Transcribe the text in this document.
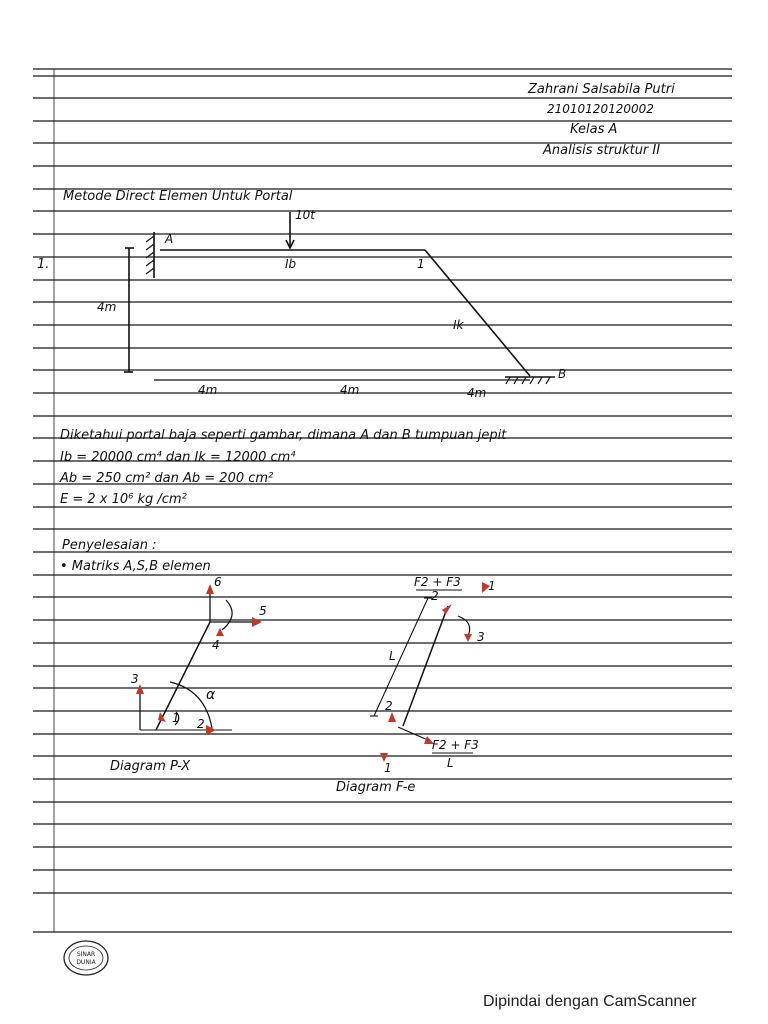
Zahrani Salsabila Putri
21010120120002
Kelas A
Analisis struktur II
Metode Direct Elemen Untuk Portal
1.
10t
A
1
Ib
Ik
B
4m
4m	4m	4m
Diketahui portal baja seperti gambar, dimana A dan B tumpuan jepit
Ib = 20000 cm⁴ dan Ik = 12000 cm⁴
Ab = 250 cm² dan Ab = 200 cm²
E = 2 x 10⁶ kg /cm²
Penyelesaian :
• Matriks A,S,B elemen
6
5
4
3
1 2
α
Diagram P-X
F2 + F3 1
2
3
L
2
1
F2 + F3
L
Diagram F-e
SINAR
DUNIA
Dipindai dengan CamScanner
